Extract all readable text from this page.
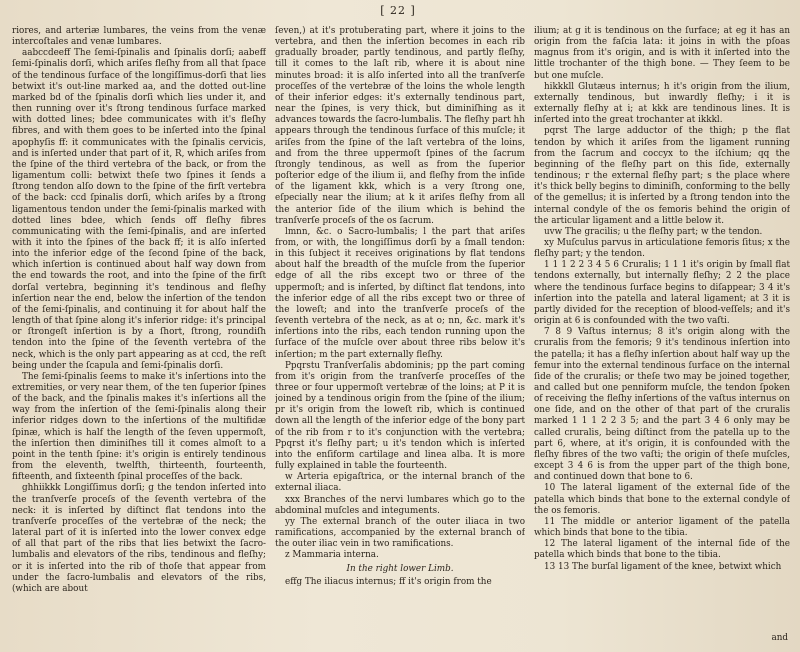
[ 22 ]

riores, and arteriæ lumbares, the veins from the venæ intercoſtales and venæ lumbares.

aabccdeeff The ſemi-ſpinalis and ſpinalis dorſi; aabeff ſemi-ſpinalis dorſi, which ariſes fleſhy from all that ſpace of the tendinous ſurface of the longiſſimus-dorſi that lies betwixt it's out-line marked aa, and the dotted out-line marked bd of the ſpinalis dorſi which lies under it, and then running over it's ſtrong tendinous ſurface marked with dotted lines; bdee communicates with it's fleſhy fibres, and with them goes to be inſerted into the ſpinal apophyſis ff: it communicates with the ſpinalis cervicis, and is inſerted under that part of it, R, which ariſes from the ſpine of the third vertebra of the back, or from the ligamentum colli: betwixt theſe two ſpines it ſends a ſtrong tendon alſo down to the ſpine of the firſt vertebra of the back: ccd ſpinalis dorſi, which ariſes by a ſtrong ligamentous tendon under the ſemi-ſpinalis marked with dotted lines bdee, which ſends off fleſhy fibres communicating with the ſemi-ſpinalis, and are inſerted with it into the ſpines of the back ff; it is alſo inſerted into the inferior edge of the ſecond ſpine of the back, which inſertion is continued about half way down from the end towards the root, and into the ſpine of the firſt dorſal vertebra, beginning it's tendinous and fleſhy inſertion near the end, below the inſertion of the tendon of the ſemi-ſpinalis, and continuing it for about half the length of that ſpine along it's inferior ridge: it's principal or ſtrongeſt inſertion is by a ſhort, ſtrong, roundiſh tendon into the ſpine of the ſeventh vertebra of the neck, which is the only part appearing as at ccd, the reſt being under the ſcapula and ſemi-ſpinalis dorſi.

The ſemi-ſpinalis ſeems to make it's inſertions into the extremities, or very near them, of the ten ſuperior ſpines of the back, and the ſpinalis makes it's inſertions all the way from the inſertion of the ſemi-ſpinalis along their inferior ridges down to the inſertions of the multifidæ ſpinæ, which is half the length of the ſeven uppermoſt, the inſertion then diminiſhes till it comes almoſt to a point in the tenth ſpine: it's origin is entirely tendinous from the eleventh, twelfth, thirteenth, fourteenth, fifteenth, and ſixteenth ſpinal proceſſes of the back.

ghhiikkk Longiſſimus dorſi; g the tendon inſerted into the tranſverſe proceſs of the ſeventh vertebra of the neck: it is inſerted by diſtinct flat tendons into the tranſverſe proceſſes of the vertebræ of the neck; the lateral part of it is inſerted into the lower convex edge of all that part of the ribs that lies betwixt the ſacro-lumbalis and elevators of the ribs, tendinous and fleſhy; or it is inſerted into the rib of thoſe that appear from under the ſacro-lumbalis and elevators of the ribs, (which are about

ſeven,) at it's protuberating part, where it joins to the vertebra, and then the inſertion becomes in each rib gradually broader, partly tendinous, and partly fleſhy, till it comes to the laſt rib, where it is about nine minutes broad: it is alſo inſerted into all the tranſverſe proceſſes of the vertebræ of the loins the whole length of their inferior edges: it's externally tendinous part, near the ſpines, is very thick, but diminiſhing as it advances towards the ſacro-lumbalis. The fleſhy part hh appears through the tendinous ſurface of this muſcle; it ariſes from the ſpine of the laſt vertebra of the loins, and from the three uppermoſt ſpines of the ſacrum ſtrongly tendinous, as well as from the ſuperior poſterior edge of the ilium ii, and fleſhy from the inſide of the ligament kkk, which is a very ſtrong one, eſpecially near the ilium; at k it ariſes fleſhy from all the anterior ſide of the ilium which is behind the tranſverſe proceſs of the os ſacrum.

lmnn, &c. o Sacro-lumbalis; l the part that ariſes from, or with, the longiſſimus dorſi by a ſmall tendon: in this ſubject it receives originations by flat tendons about half the breadth of the muſcle from the ſuperior edge of all the ribs except two or three of the uppermoſt; and is inſerted, by diſtinct flat tendons, into the inferior edge of all the ribs except two or three of the loweſt; and into the tranſverſe proceſs of the ſeventh vertebra of the neck, as at o; nn, &c. mark it's inſertions into the ribs, each tendon running upon the ſurface of the muſcle over about three ribs below it's inſertion; m the part externally fleſhy.

Ppqrstu Tranſverſalis abdominis; pp the part coming from it's origin from the tranſverſe proceſſes of the three or four uppermoſt vertebræ of the loins; at P it is joined by a tendinous origin from the ſpine of the ilium; pr it's origin from the loweſt rib, which is continued down all the length of the inferior edge of the bony part of the rib from r to it's conjunction with the vertebra; Ppqrst it's fleſhy part; u it's tendon which is inſerted into the enſiform cartilage and linea alba. It is more fully explained in table the fourteenth.

w Arteria epigaſtrica, or the internal branch of the external iliaca.

xxx Branches of the nervi lumbares which go to the abdominal muſcles and integuments.

yy The external branch of the outer iliaca in two ramifications, accompanied by the external branch of the outer iliac vein in two ramifications.

z Mammaria interna.

In the right lower Limb.

effg The iliacus internus; ff it's origin from the

ilium; at g it is tendinous on the ſurface; at eg it has an origin from the faſcia lata: it joins in with the pſoas magnus from it's origin, and is with it inſerted into the little trochanter of the thigh bone. — They ſeem to be but one muſcle.

hikkkll Glutæus internus; h it's origin from the ilium, externally tendinous, but inwardly fleſhy; i it is externally fleſhy at i; at kkk are tendinous lines. It is inſerted into the great trochanter at ikkkl.

pqrst The large adductor of the thigh; p the flat tendon by which it ariſes from the ligament running from the ſacrum and coccyx to the iſchium; qq the beginning of the fleſhy part on this ſide, externally tendinous; r the external fleſhy part; s the place where it's thick belly begins to diminiſh, conforming to the belly of the gemellus; it is inſerted by a ſtrong tendon into the internal condyle of the os femoris behind the origin of the articular ligament and a little below it.

uvw The gracilis; u the fleſhy part; w the tendon.

xy Muſculus parvus in articulatione femoris ſitus; x the fleſhy part; y the tendon.

1 1 1 2 2 3 4 5 6 Cruralis; 1 1 1 it's origin by ſmall flat tendons externally, but internally fleſhy; 2 2 the place where the tendinous ſurface begins to diſappear; 3 4 it's inſertion into the patella and lateral ligament; at 3 it is partly divided for the reception of blood-veſſels; and it's origin at 6 is confounded with the two vaſti.

7 8 9 Vaſtus internus; 8 it's origin along with the cruralis from the femoris; 9 it's tendinous inſertion into the patella; it has a fleſhy inſertion about half way up the femur into the external tendinous ſurface on the internal ſide of the cruralis; or theſe two may be joined together, and called but one penniform muſcle, the tendon ſpoken of receiving the fleſhy inſertions of the vaſtus internus on one ſide, and on the other of that part of the cruralis marked 1 1 1 2 2 3 5; and the part 3 4 6 only may be called cruralis, being diſtinct from the patella up to the part 6, where, at it's origin, it is confounded with the fleſhy fibres of the two vaſti; the origin of theſe muſcles, except 3 4 6 is from the upper part of the thigh bone, and continued down that bone to 6.

10 The lateral ligament of the external ſide of the patella which binds that bone to the external condyle of the os femoris.

11 The middle or anterior ligament of the patella which binds that bone to the tibia.

12 The lateral ligament of the internal ſide of the patella which binds that bone to the tibia.

13 13 The burſal ligament of the knee, betwixt which

and
